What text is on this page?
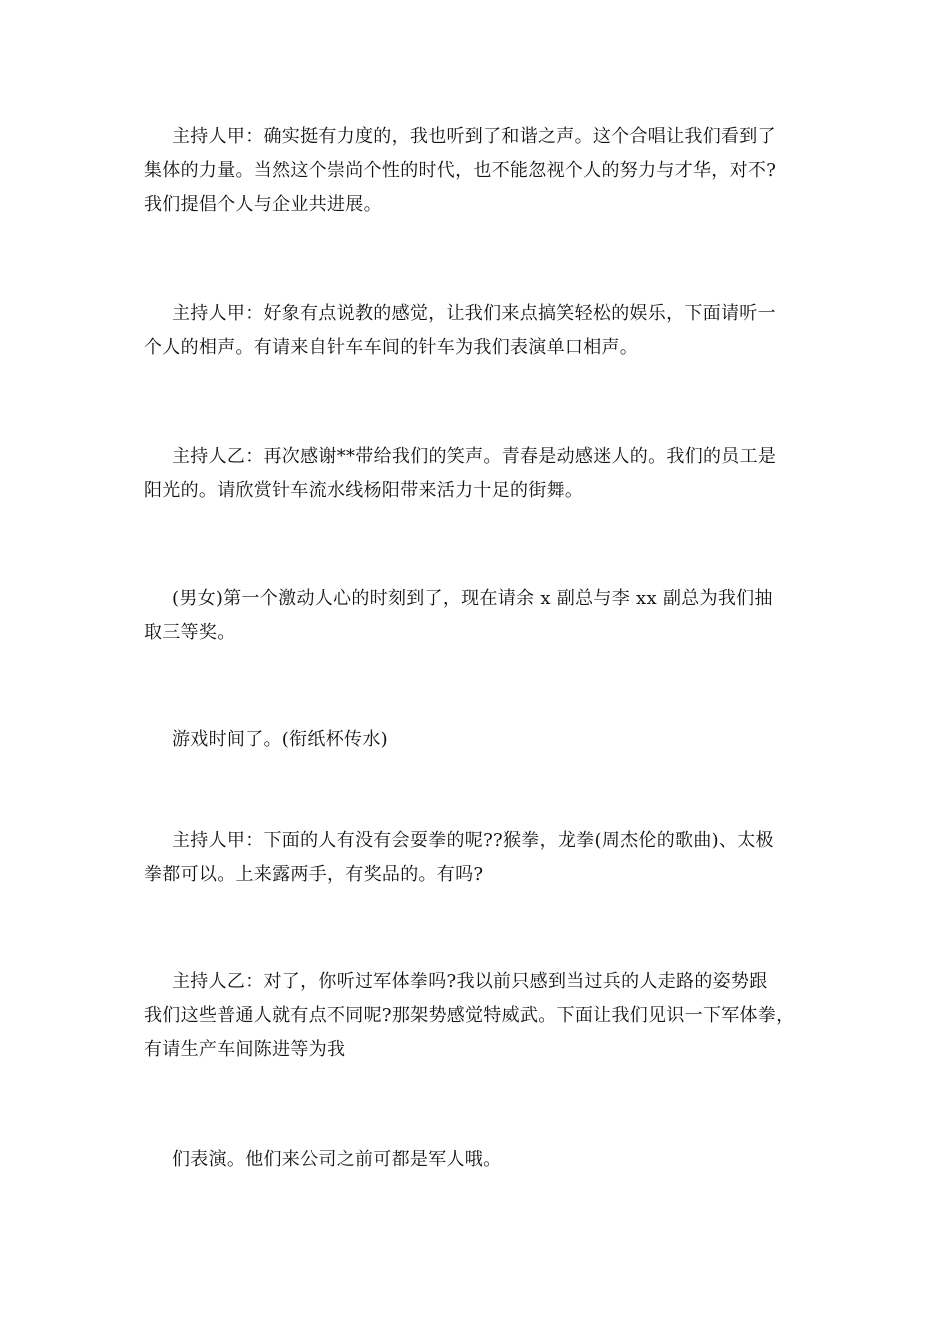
主持人甲：确实挺有力度的，我也听到了和谐之声。这个合唱让我们看到了
集体的力量。当然这个崇尚个性的时代，也不能忽视个人的努力与才华，对不?
我们提倡个人与企业共进展。
主持人甲：好象有点说教的感觉，让我们来点搞笑轻松的娱乐，下面请听一
个人的相声。有请来自针车车间的针车为我们表演单口相声。
主持人乙：再次感谢**带给我们的笑声。青春是动感迷人的。我们的员工是
阳光的。请欣赏针车流水线杨阳带来活力十足的街舞。
(男女)第一个激动人心的时刻到了，现在请余 x 副总与李 xx 副总为我们抽
取三等奖。
游戏时间了。(衔纸杯传水)
主持人甲：下面的人有没有会耍拳的呢??猴拳，龙拳(周杰伦的歌曲)、太极
拳都可以。上来露两手，有奖品的。有吗?
主持人乙：对了，你听过军体拳吗?我以前只感到当过兵的人走路的姿势跟
我们这些普通人就有点不同呢?那架势感觉特威武。下面让我们见识一下军体拳，
有请生产车间陈进等为我
们表演。他们来公司之前可都是军人哦。
